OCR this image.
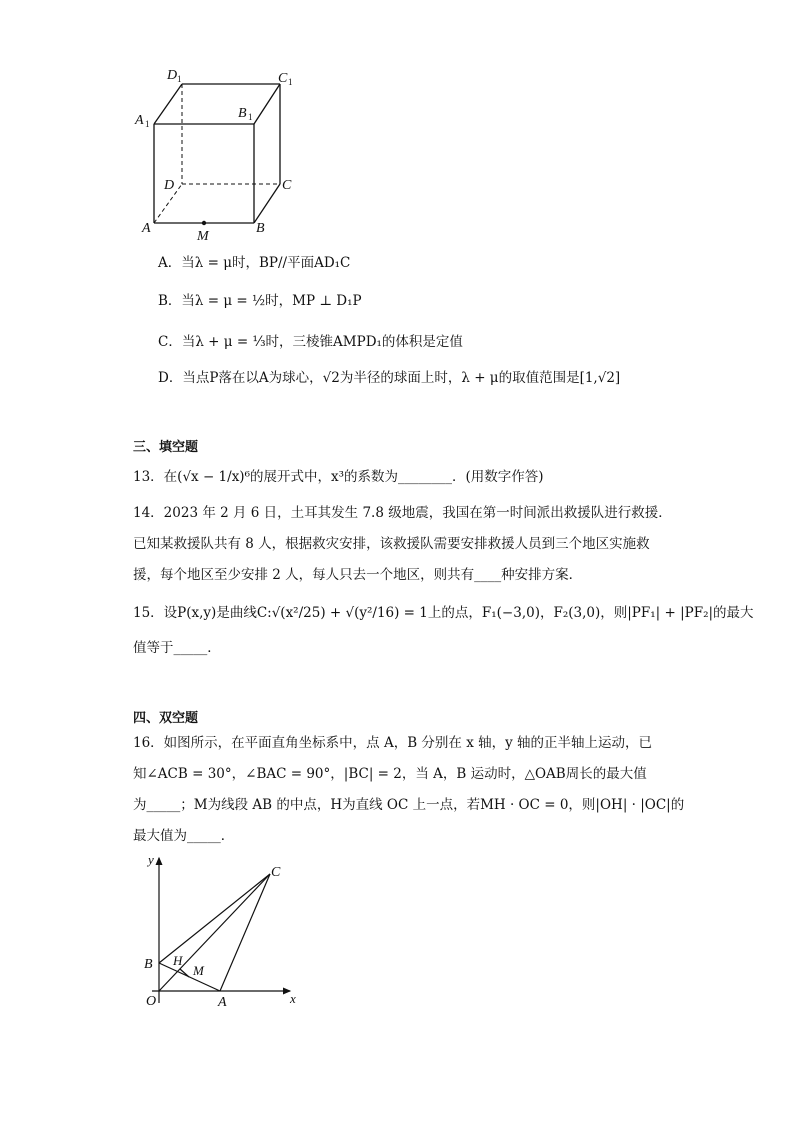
D 1	C 1
A 1
B 1
D	C
A
M
B
A．当λ = μ时，BP//平面AD₁C
B．当λ = μ = ½时，MP ⊥ D₁P
C．当λ + μ = ⅓时，三棱锥AMPD₁的体积是定值
D．当点P落在以A为球心，√2为半径的球面上时，λ + μ的取值范围是[1,√2]
三、填空题
13．在(√x − 1/x)⁶的展开式中，x³的系数为________．(用数字作答)
14．2023 年 2 月 6 日，土耳其发生 7.8 级地震，我国在第一时间派出救援队进行救援．
已知某救援队共有 8 人，根据救灾安排，该救援队需要安排救援人员到三个地区实施救
援，每个地区至少安排 2 人，每人只去一个地区，则共有____种安排方案．
15．设P(x,y)是曲线C:√(x²/25) + √(y²/16) = 1上的点，F₁(−3,0)，F₂(3,0)，则|PF₁| + |PF₂|的最大
值等于_____．
四、双空题
16．如图所示，在平面直角坐标系中，点 A，B 分别在 x 轴，y 轴的正半轴上运动，已
知∠ACB = 30°，∠BAC = 90°，|BC| = 2，当 A，B 运动时，△OAB周长的最大值
为_____；M为线段 AB 的中点，H为直线 OC 上一点，若MH · OC = 0，则|OH| · |OC|的
最大值为_____．
y
C
B H
M
O	A	x
